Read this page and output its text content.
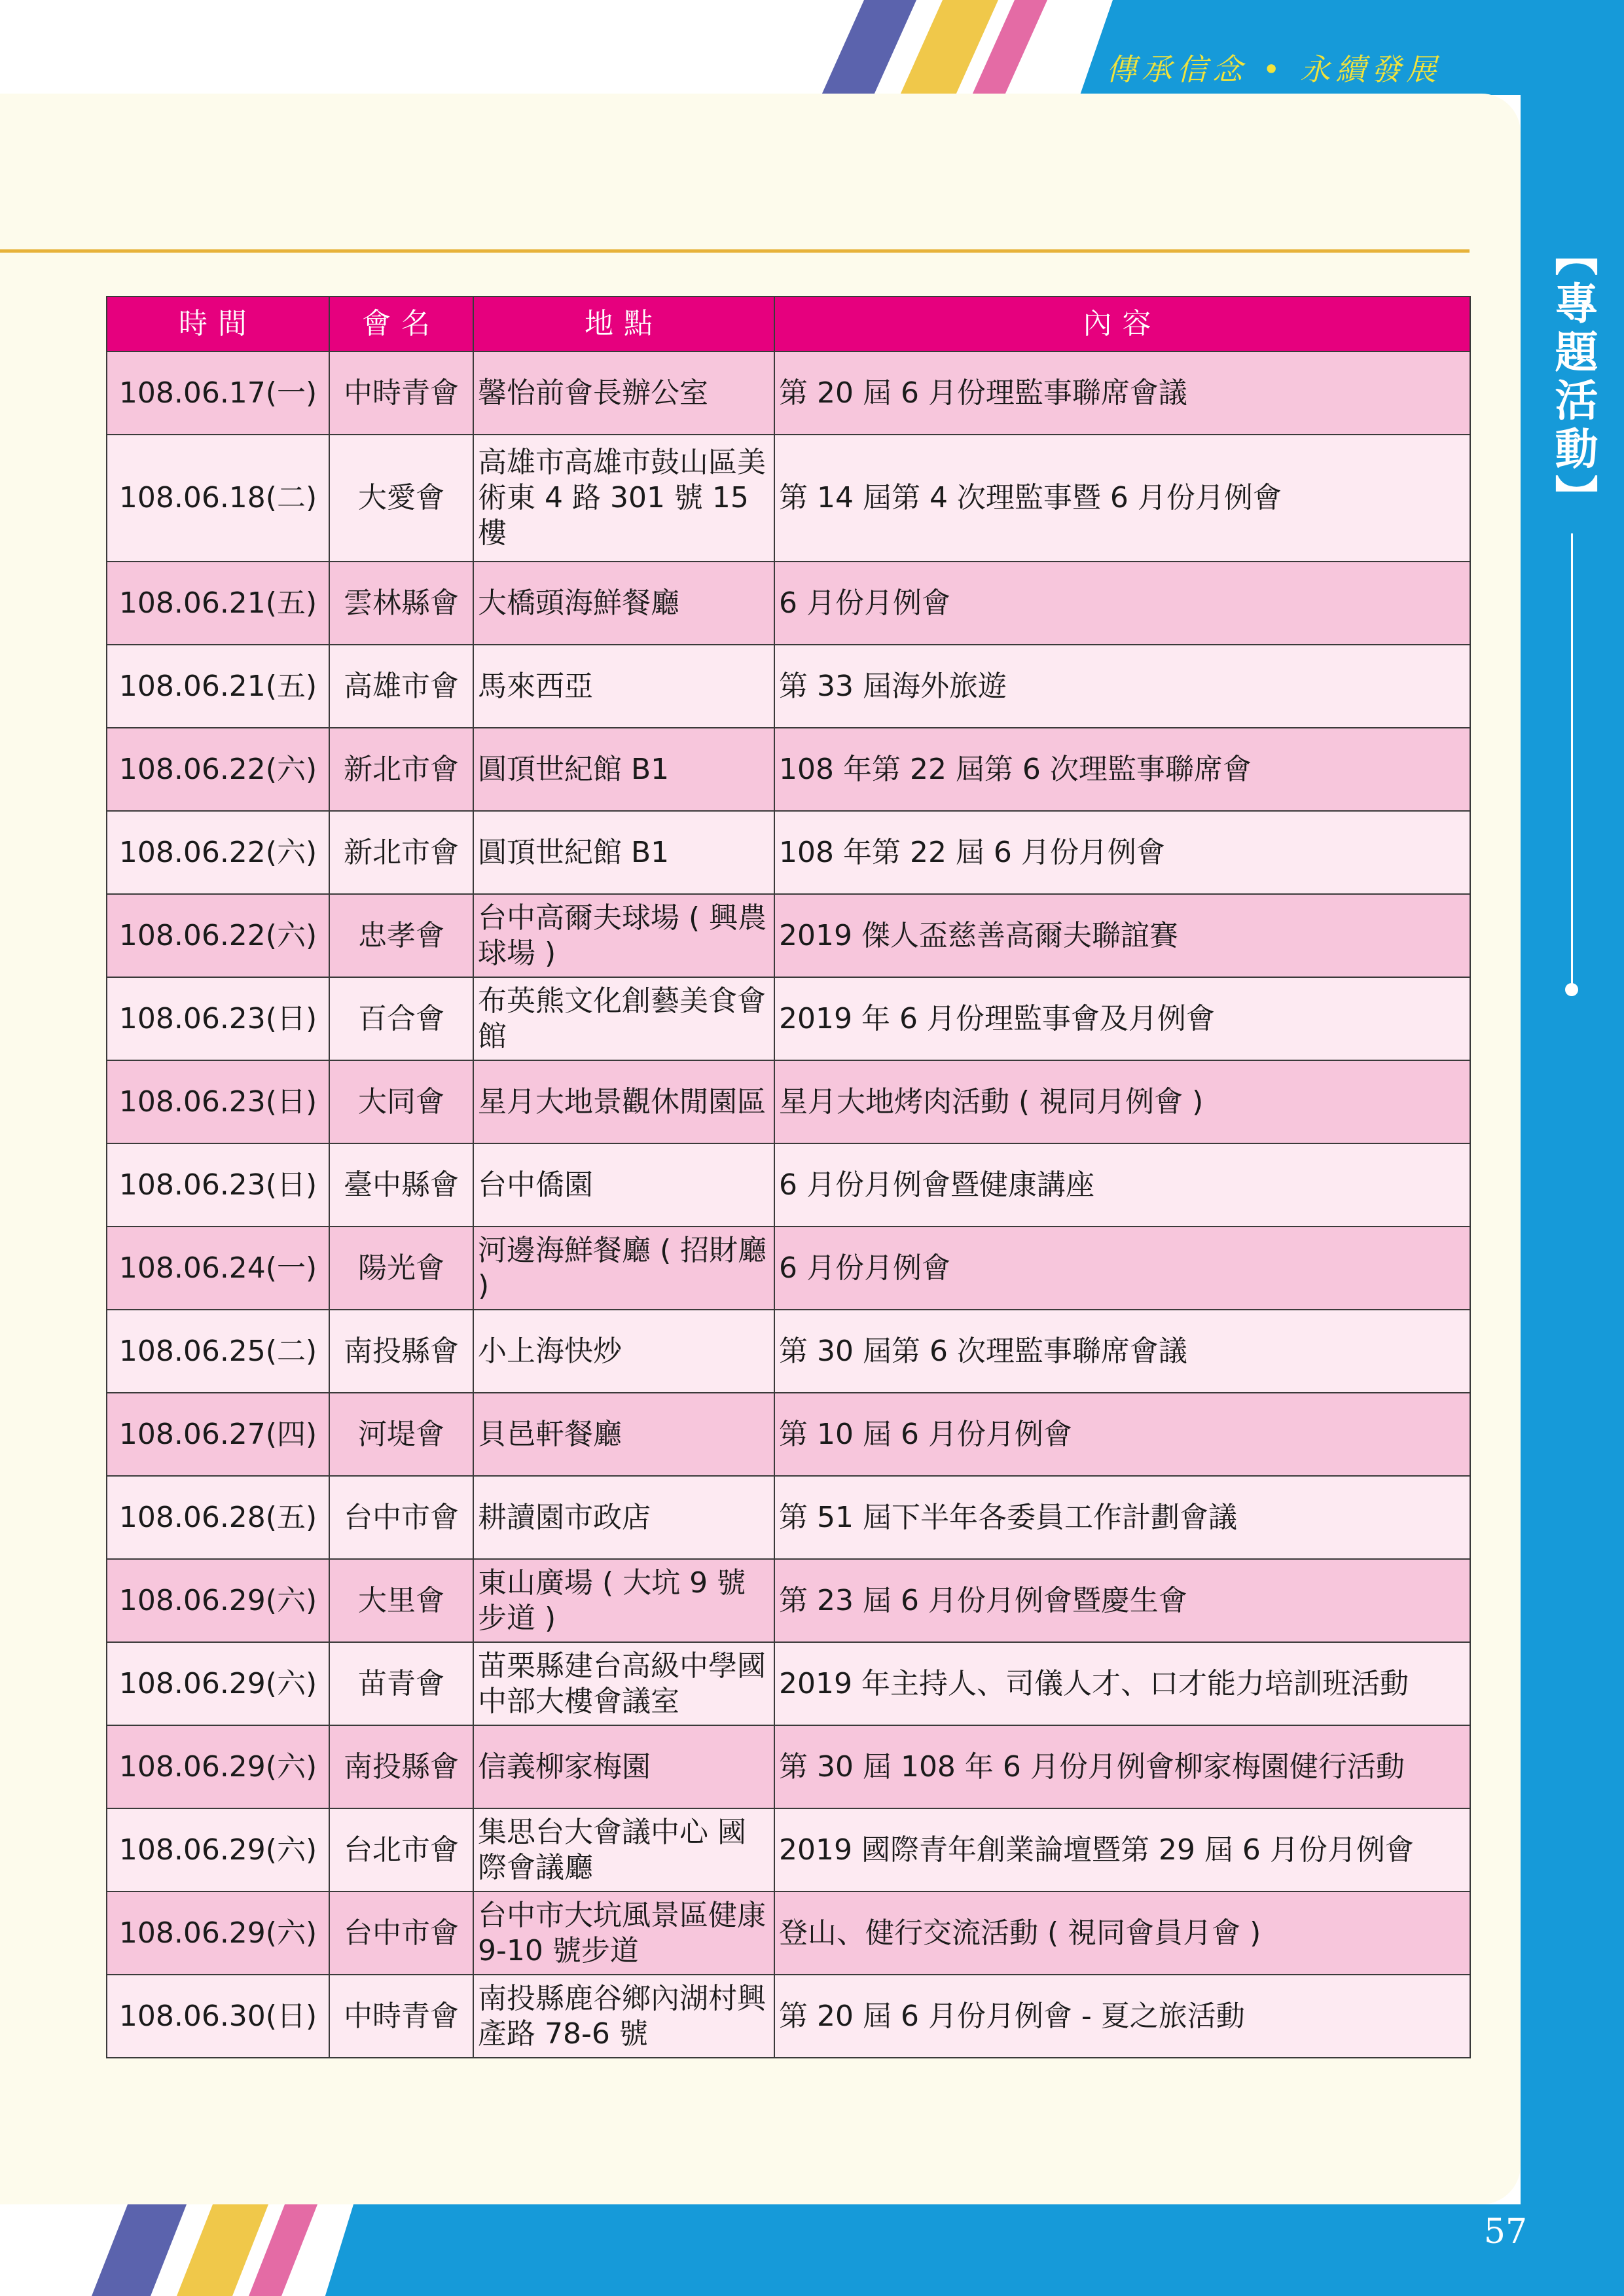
傳承信念 • 永續發展
57
【專題活動】
時間	會名	地點	內容
108.06.17(一)	中時青會	馨怡前會長辦公室	第 20 屆 6 月份理監事聯席會議
108.06.18(二)	大愛會	高雄市高雄市鼓山區美術東 4 路 301 號 15 樓	第 14 屆第 4 次理監事暨 6 月份月例會
108.06.21(五)	雲林縣會	大橋頭海鮮餐廳	6 月份月例會
108.06.21(五)	高雄市會	馬來西亞	第 33 屆海外旅遊
108.06.22(六)	新北市會	圓頂世紀館 B1	108 年第 22 屆第 6 次理監事聯席會
108.06.22(六)	新北市會	圓頂世紀館 B1	108 年第 22 屆 6 月份月例會
108.06.22(六)	忠孝會	台中高爾夫球場 ( 興農球場 )	2019 傑人盃慈善高爾夫聯誼賽
108.06.23(日)	百合會	布英熊文化創藝美食會館	2019 年 6 月份理監事會及月例會
108.06.23(日)	大同會	星月大地景觀休閒園區	星月大地烤肉活動 ( 視同月例會 )
108.06.23(日)	臺中縣會	台中僑園	6 月份月例會暨健康講座
108.06.24(一)	陽光會	河邊海鮮餐廳 ( 招財廳 )	6 月份月例會
108.06.25(二)	南投縣會	小上海快炒	第 30 屆第 6 次理監事聯席會議
108.06.27(四)	河堤會	貝邑軒餐廳	第 10 屆 6 月份月例會
108.06.28(五)	台中市會	耕讀園市政店	第 51 屆下半年各委員工作計劃會議
108.06.29(六)	大里會	東山廣場 ( 大坑 9 號步道 )	第 23 屆 6 月份月例會暨慶生會
108.06.29(六)	苗青會	苗栗縣建台高級中學國中部大樓會議室	2019 年主持人、司儀人才、口才能力培訓班活動
108.06.29(六)	南投縣會	信義柳家梅園	第 30 屆 108 年 6 月份月例會柳家梅園健行活動
108.06.29(六)	台北市會	集思台大會議中心 國際會議廳	2019 國際青年創業論壇暨第 29 屆 6 月份月例會
108.06.29(六)	台中市會	台中市大坑風景區健康 9-10 號步道	登山、健行交流活動 ( 視同會員月會 )
108.06.30(日)	中時青會	南投縣鹿谷鄉內湖村興產路 78-6 號	第 20 屆 6 月份月例會 - 夏之旅活動
